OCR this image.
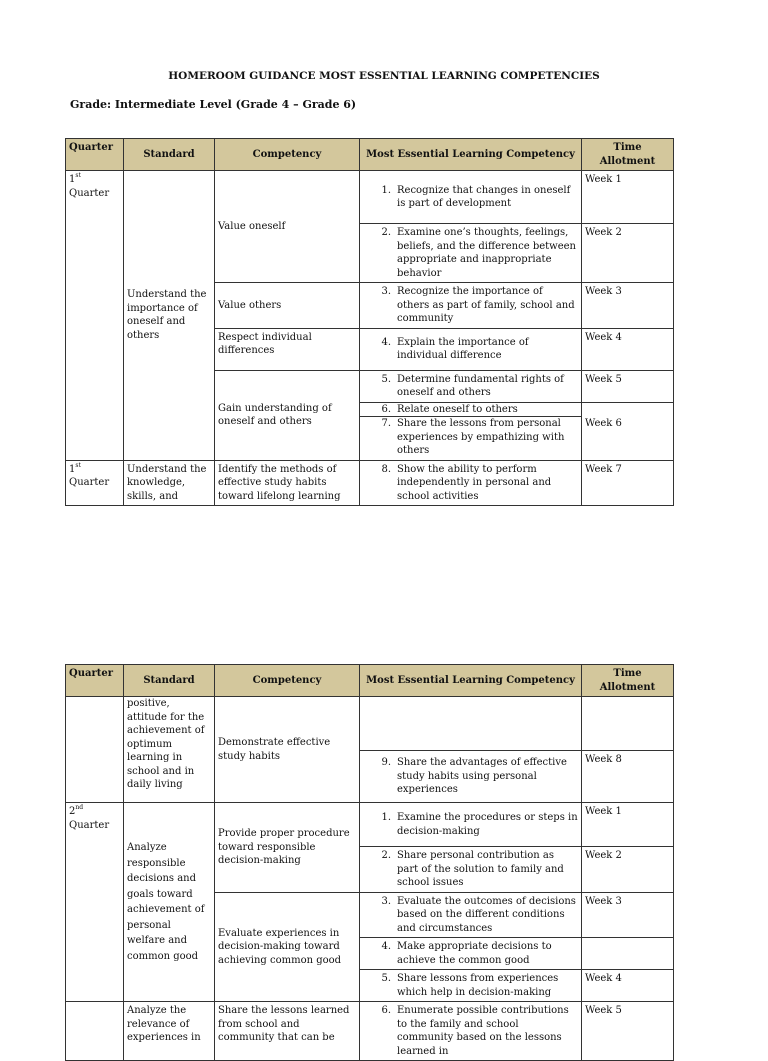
HOMEROOM GUIDANCE MOST ESSENTIAL LEARNING COMPETENCIES
Grade: Intermediate Level (Grade 4 – Grade 6)
Quarter	Standard	Competency	Most Essential Learning Competency	Time Allotment
1st
Quarter	Understand the importance of oneself and others	Value oneself	1. Recognize that changes in oneself is part of development	Week 1

			2. Examine one’s thoughts, feelings, beliefs, and the difference between appropriate and inappropriate behavior	Week 2
		Value others	3. Recognize the importance of others as part of family, school and community	Week 3
		Respect individual differences	4. Explain the importance of individual difference	Week 4
		Gain understanding of oneself and others	5. Determine fundamental rights of oneself and others	Week 5

			6. Relate oneself to others	Week 6

			7. Share the lessons from personal experiences by empathizing with others	

1st
Quarter	Understand the knowledge, skills, and	Identify the methods of effective study habits toward lifelong learning	8. Show the ability to perform independently in personal and school activities	Week 7
Quarter	Standard	Competency	Most Essential Learning Competency	Time Allotment
	positive, attitude for the achievement of optimum learning in school and in daily living	Demonstrate effective study habits		

			9. Share the advantages of effective study habits using personal experiences	Week 8
2nd
Quarter	Analyze responsible decisions and goals toward achievement of personal welfare and common good	Provide proper procedure toward responsible decision-making	1. Examine the procedures or steps in decision-making	Week 1

			2. Share personal contribution as part of the solution to family and school issues	Week 2
		Evaluate experiences in decision-making toward achieving common good	3. Evaluate the outcomes of decisions based on the different conditions and circumstances	Week 3

			4. Make appropriate decisions to achieve the common good	

			5. Share lessons from experiences which help in decision-making	Week 4
	Analyze the relevance of experiences in	Share the lessons learned from school and community that can be	6. Enumerate possible contributions to the family and school community based on the lessons learned in	Week 5
